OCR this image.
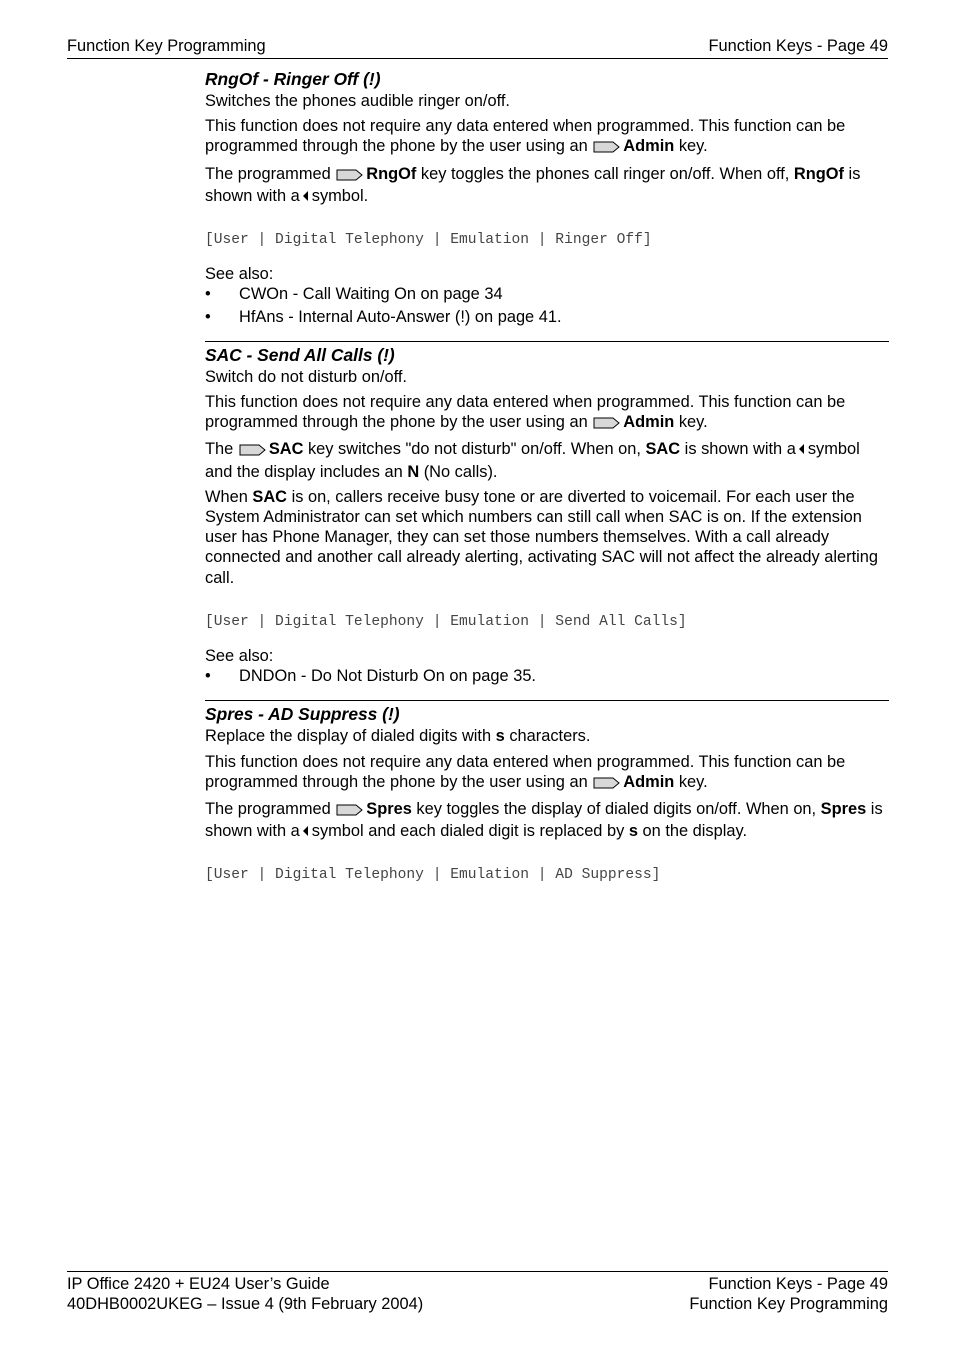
Function Key Programming	Function Keys - Page 49
RngOf - Ringer Off (!)

Switches the phones audible ringer on/off.

This function does not require any data entered when programmed. This function can be programmed through the phone by the user using an Admin key.

The programmed RngOf key toggles the phones call ringer on/off. When off, RngOf is shown with a symbol.

[User | Digital Telephony | Emulation | Ringer Off]
See also:
• CWOn - Call Waiting On on page 34
• HfAns - Internal Auto-Answer (!) on page 41.
SAC - Send All Calls (!)

Switch do not disturb on/off.

This function does not require any data entered when programmed. This function can be programmed through the phone by the user using an Admin key.

The SAC key switches "do not disturb" on/off. When on, SAC is shown with a symbol and the display includes an N (No calls).

When SAC is on, callers receive busy tone or are diverted to voicemail. For each user the System Administrator can set which numbers can still call when SAC is on. If the extension user has Phone Manager, they can set those numbers themselves. With a call already connected and another call already alerting, activating SAC will not affect the already alerting call.

[User | Digital Telephony | Emulation | Send All Calls]
See also:
• DNDOn - Do Not Disturb On on page 35.
Spres - AD Suppress (!)

Replace the display of dialed digits with s characters.

This function does not require any data entered when programmed. This function can be programmed through the phone by the user using an Admin key.

The programmed Spres key toggles the display of dialed digits on/off. When on, Spres is shown with a symbol and each dialed digit is replaced by s on the display.

[User | Digital Telephony | Emulation | AD Suppress]
IP Office 2420 + EU24 User’s Guide	Function Keys - Page 49
40DHB0002UKEG – Issue 4 (9th February 2004)	Function Key Programming
